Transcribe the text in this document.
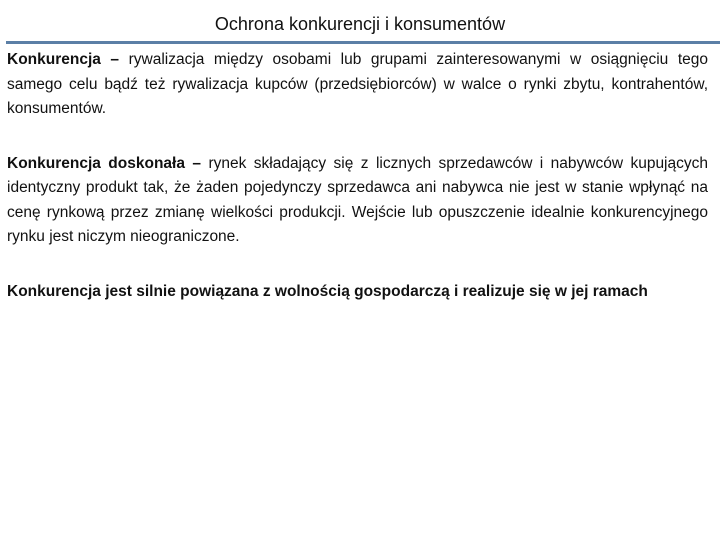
Ochrona konkurencji i konsumentów

Konkurencja – rywalizacja między osobami lub grupami zainteresowanymi w osiągnięciu tego samego celu bądź też rywalizacja kupców (przedsiębiorców) w walce o rynki zbytu, kontrahentów, konsumentów.

Konkurencja doskonała – rynek składający się z licznych sprzedawców i nabywców kupujących identyczny produkt tak, że żaden pojedynczy sprzedawca ani nabywca nie jest w stanie wpłynąć na cenę rynkową przez zmianę wielkości produkcji. Wejście lub opuszczenie idealnie konkurencyjnego rynku jest niczym nieograniczone.

Konkurencja jest silnie powiązana z wolnością gospodarczą i realizuje się w jej ramach
